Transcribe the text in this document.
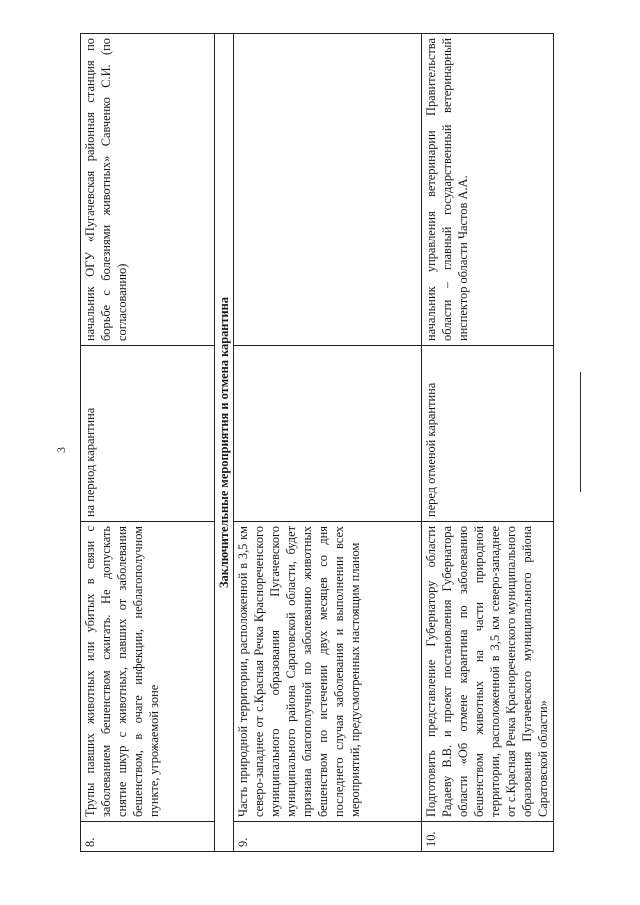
3
8.	Трупы павших животных или убитых в связи с заболеванием бешенством сжигать. Не допускать снятие шкур с животных, павших от заболевания бешенством, в очаге инфекции, неблагополучном пункте, угрожаемой зоне	на период карантина	начальник ОГУ «Пугачевская районная станция по борьбе с болезнями животных» Савченко С.И. (по согласованию)
Заключительные мероприятия и отмена карантина			
9.	Часть природной территории, расположенной в 3,5 км северо-западнее от с.Красная Речка Краснореченского муниципального образования Пугачевского муниципального района Саратовской области, будет признана благополучной по заболеванию животных бешенством по истечении двух месяцев со дня последнего случая заболевания и выполнении всех мероприятий, предусмотренных настоящим планом		
10.	Подготовить представление Губернатору области Радаеву В.В. и проект постановления Губернатора области «Об отмене карантина по заболеванию бешенством животных на части природной территории, расположенной в 3,5 км северо-западнее от с.Красная Речка Краснореченского муниципального образования Пугачевского муниципального района Саратовской области»	перед отменой карантина	начальник управления ветеринарии Правительства области – главный государственный ветеринарный инспектор области Частов А.А.
